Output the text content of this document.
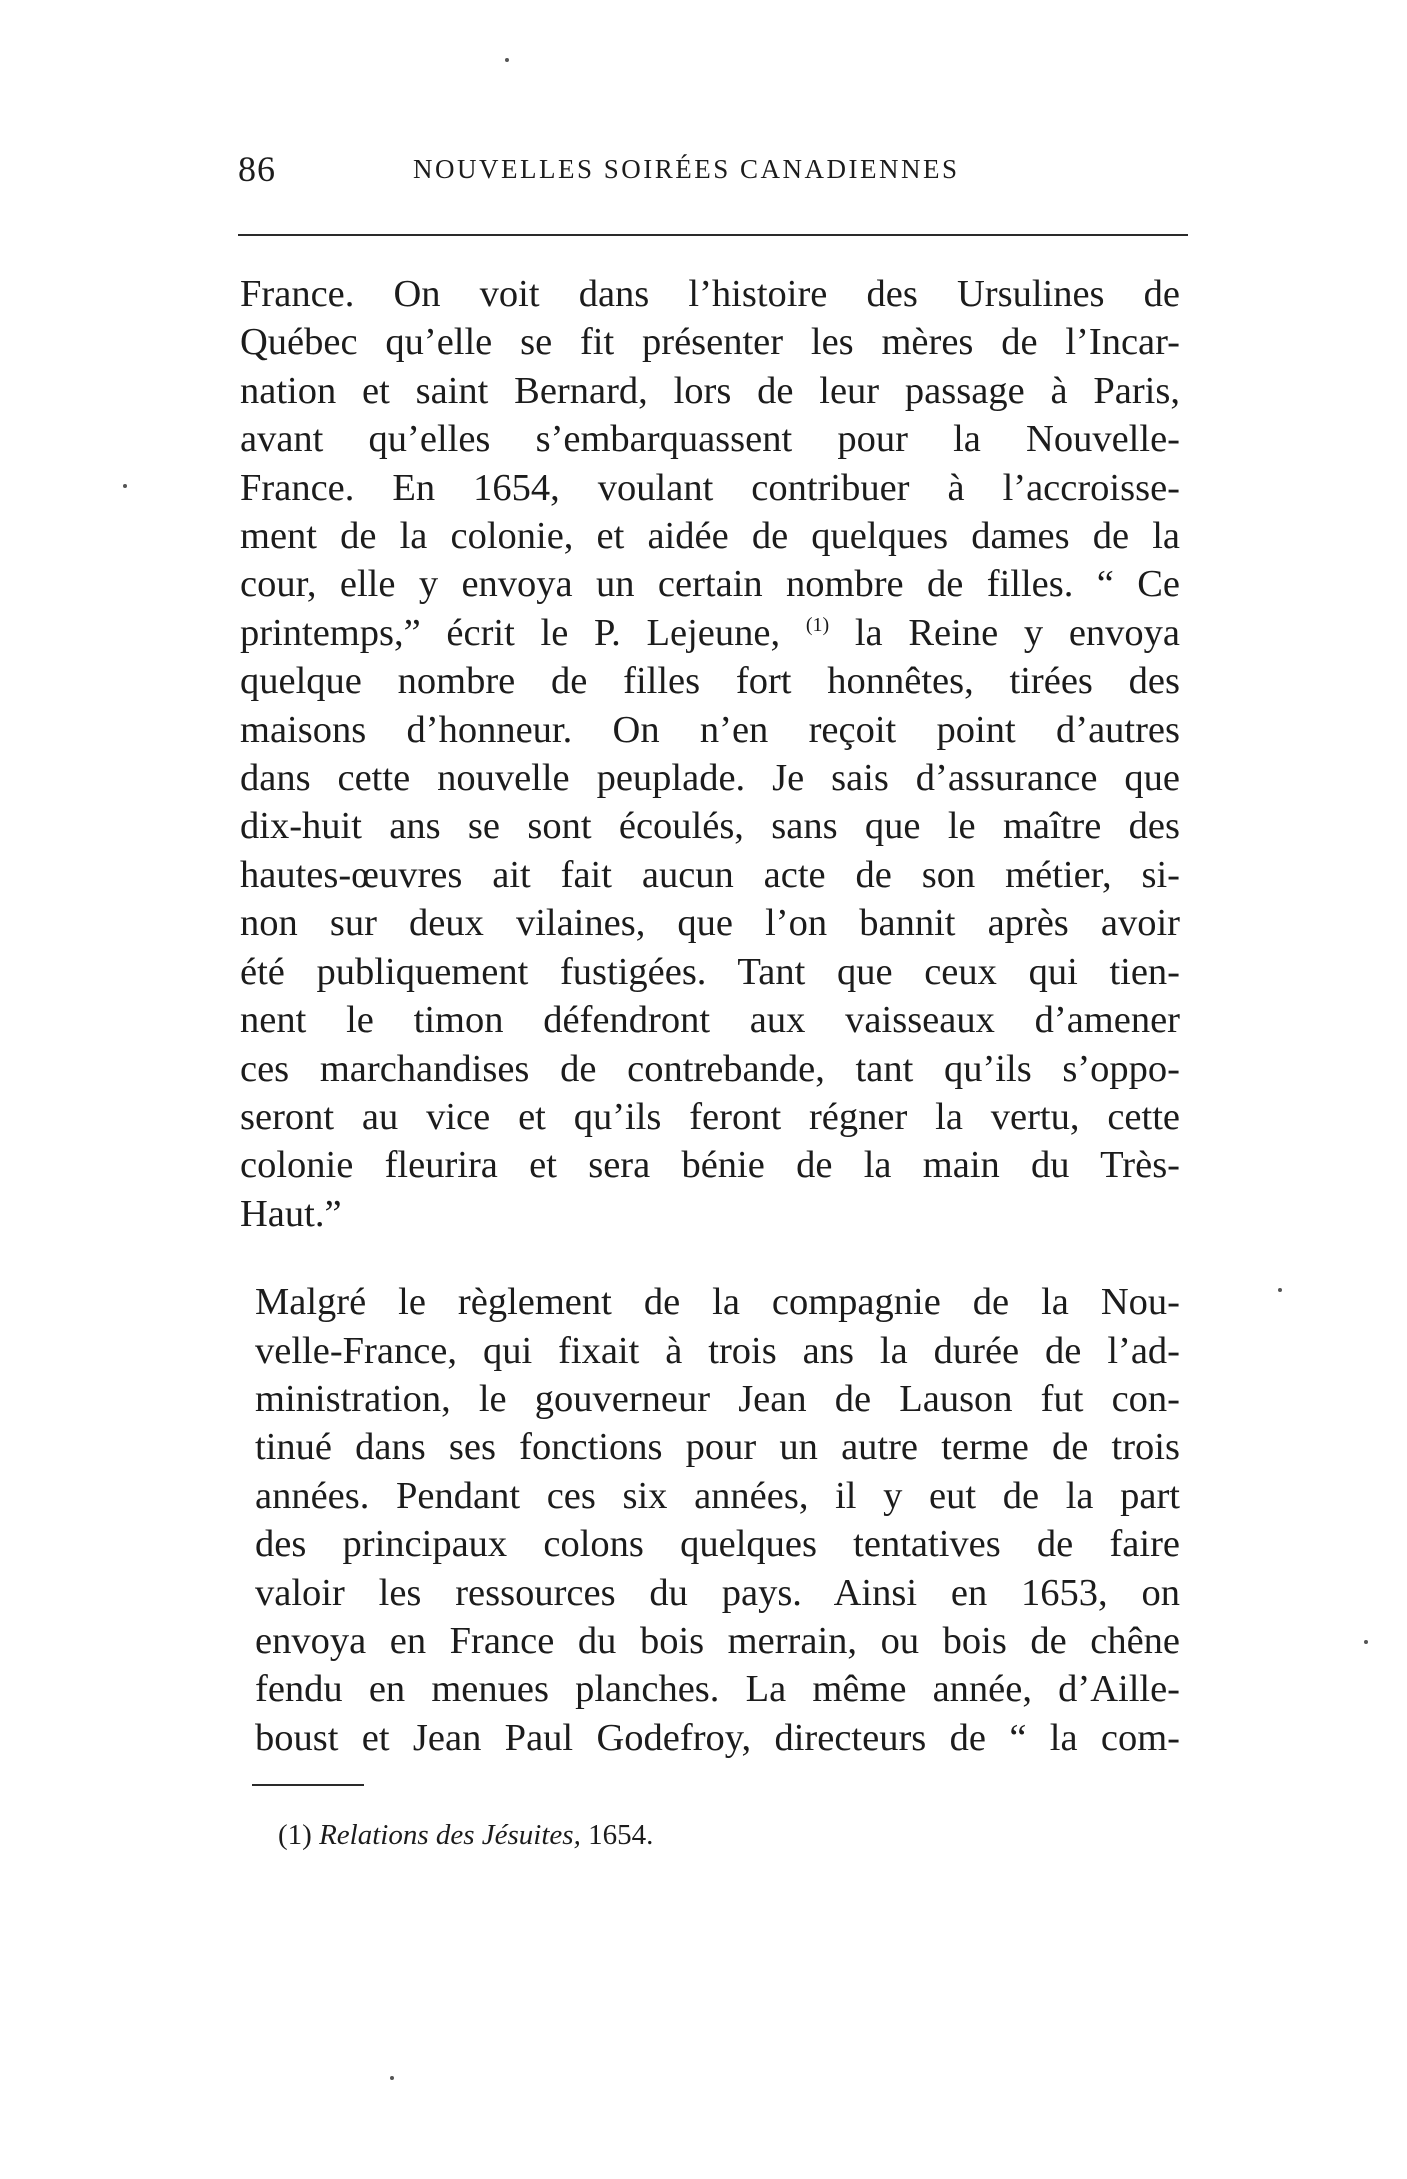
86	NOUVELLES SOIRÉES CANADIENNES

France. On voit dans l’histoire des Ursulines de
Québec qu’elle se fit présenter les mères de l’Incar-
nation et saint Bernard, lors de leur passage à Paris,
avant qu’elles s’embarquassent pour la Nouvelle-
France. En 1654, voulant contribuer à l’accroisse-
ment de la colonie, et aidée de quelques dames de la
cour, elle y envoya un certain nombre de filles. “ Ce
printemps,” écrit le P. Lejeune, $^{(1)}$ la Reine y envoya
quelque nombre de filles fort honnêtes, tirées des
maisons d’honneur. On n’en reçoit point d’autres
dans cette nouvelle peuplade. Je sais d’assurance que
dix-huit ans se sont écoulés, sans que le maître des
hautes-œuvres ait fait aucun acte de son métier, si-
non sur deux vilaines, que l’on bannit après avoir
été publiquement fustigées. Tant que ceux qui tien-
nent le timon défendront aux vaisseaux d’amener
ces marchandises de contrebande, tant qu’ils s’oppo-
seront au vice et qu’ils feront régner la vertu, cette
colonie fleurira et sera bénie de la main du Très-
Haut.”

Malgré le règlement de la compagnie de la Nou-
velle-France, qui fixait à trois ans la durée de l’ad-
ministration, le gouverneur Jean de Lauson fut con-
tinué dans ses fonctions pour un autre terme de trois
années. Pendant ces six années, il y eut de la part
des principaux colons quelques tentatives de faire
valoir les ressources du pays. Ainsi en 1653, on
envoya en France du bois merrain, ou bois de chêne
fendu en menues planches. La même année, d’Aille-
boust et Jean Paul Godefroy, directeurs de “ la com-

(1) Relations des Jésuites, 1654.
